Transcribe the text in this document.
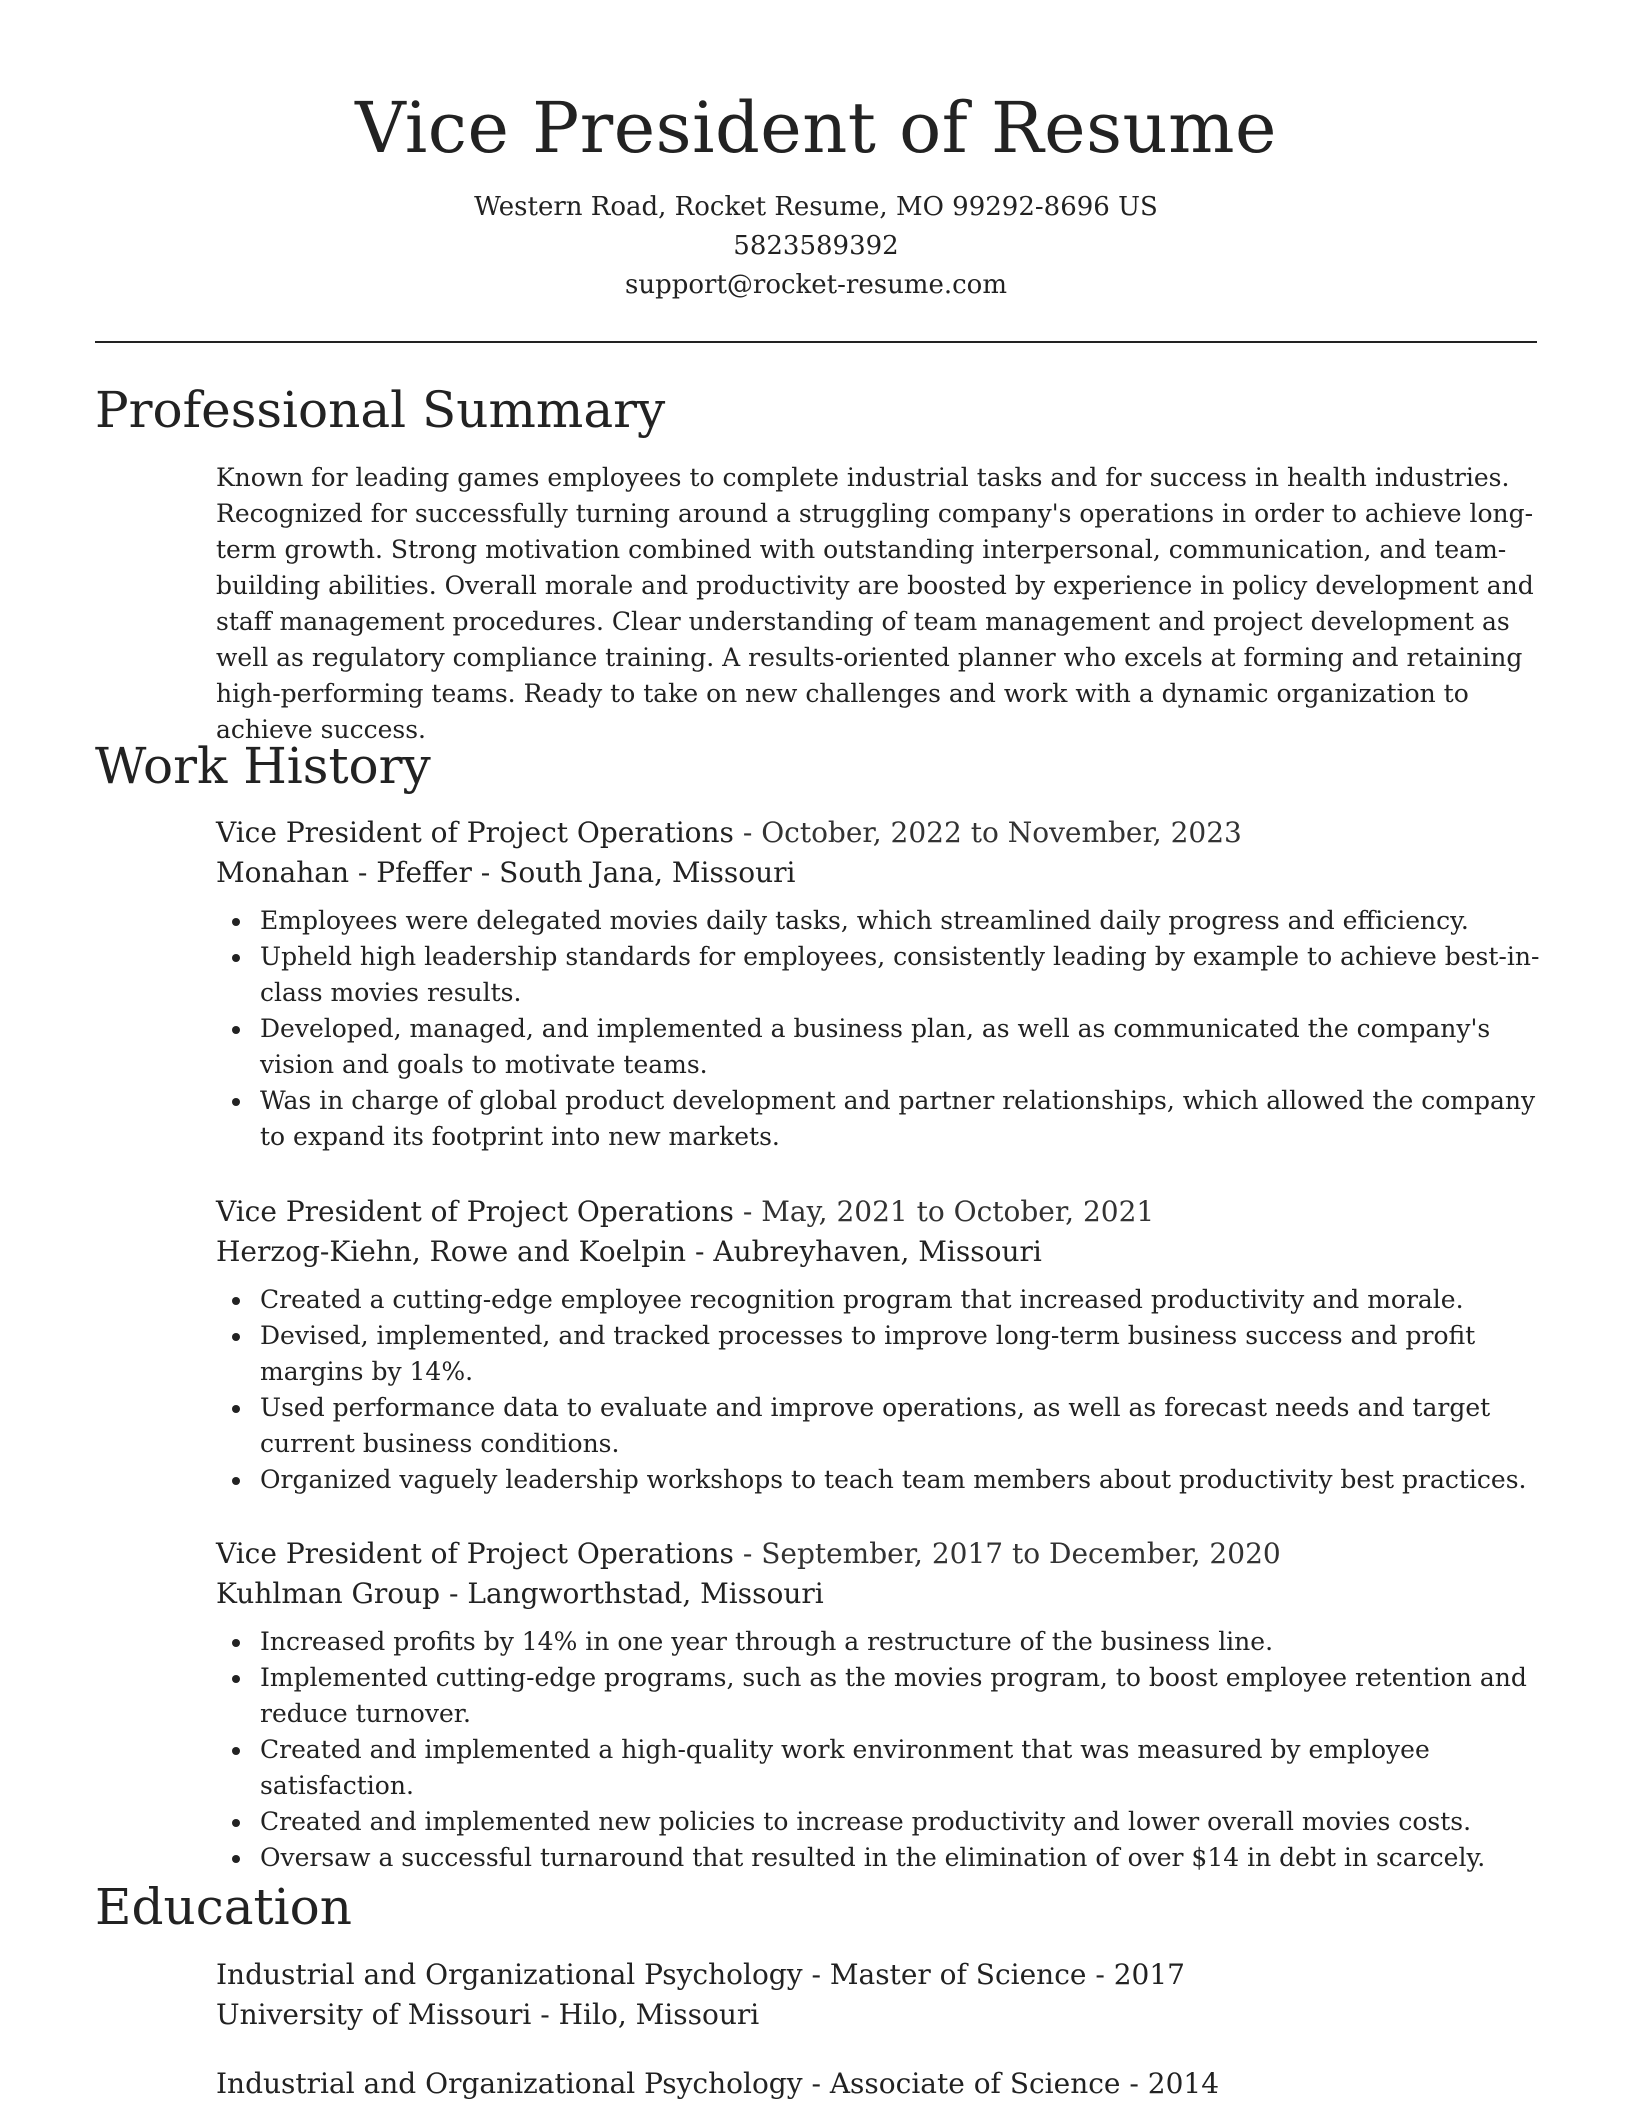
Vice President of Resume
Western Road, Rocket Resume, MO 99292-8696 US
5823589392
support@rocket-resume.com
Professional Summary

Known for leading games employees to complete industrial tasks and for success in health industries. Recognized for successfully turning around a struggling company's operations in order to achieve long-term growth. Strong motivation combined with outstanding interpersonal, communication, and team-building abilities. Overall morale and productivity are boosted by experience in policy development and staff management procedures. Clear understanding of team management and project development as well as regulatory compliance training. A results-oriented planner who excels at forming and retaining high-performing teams. Ready to take on new challenges and work with a dynamic organization to achieve success.

Work History
Vice President of Project Operations - October, 2022 to November, 2023
Monahan - Pfeffer - South Jana, Missouri
Employees were delegated movies daily tasks, which streamlined daily progress and efficiency.
Upheld high leadership standards for employees, consistently leading by example to achieve best-in-class movies results.
Developed, managed, and implemented a business plan, as well as communicated the company's vision and goals to motivate teams.
Was in charge of global product development and partner relationships, which allowed the company to expand its footprint into new markets.
Vice President of Project Operations - May, 2021 to October, 2021
Herzog-Kiehn, Rowe and Koelpin - Aubreyhaven, Missouri
Created a cutting-edge employee recognition program that increased productivity and morale.
Devised, implemented, and tracked processes to improve long-term business success and profit margins by 14%.
Used performance data to evaluate and improve operations, as well as forecast needs and target current business conditions.
Organized vaguely leadership workshops to teach team members about productivity best practices.
Vice President of Project Operations - September, 2017 to December, 2020
Kuhlman Group - Langworthstad, Missouri
Increased profits by 14% in one year through a restructure of the business line.
Implemented cutting-edge programs, such as the movies program, to boost employee retention and reduce turnover.
Created and implemented a high-quality work environment that was measured by employee satisfaction.
Created and implemented new policies to increase productivity and lower overall movies costs.
Oversaw a successful turnaround that resulted in the elimination of over $14 in debt in scarcely.
Education
Industrial and Organizational Psychology - Master of Science - 2017
University of Missouri - Hilo, Missouri
Industrial and Organizational Psychology - Associate of Science - 2014
